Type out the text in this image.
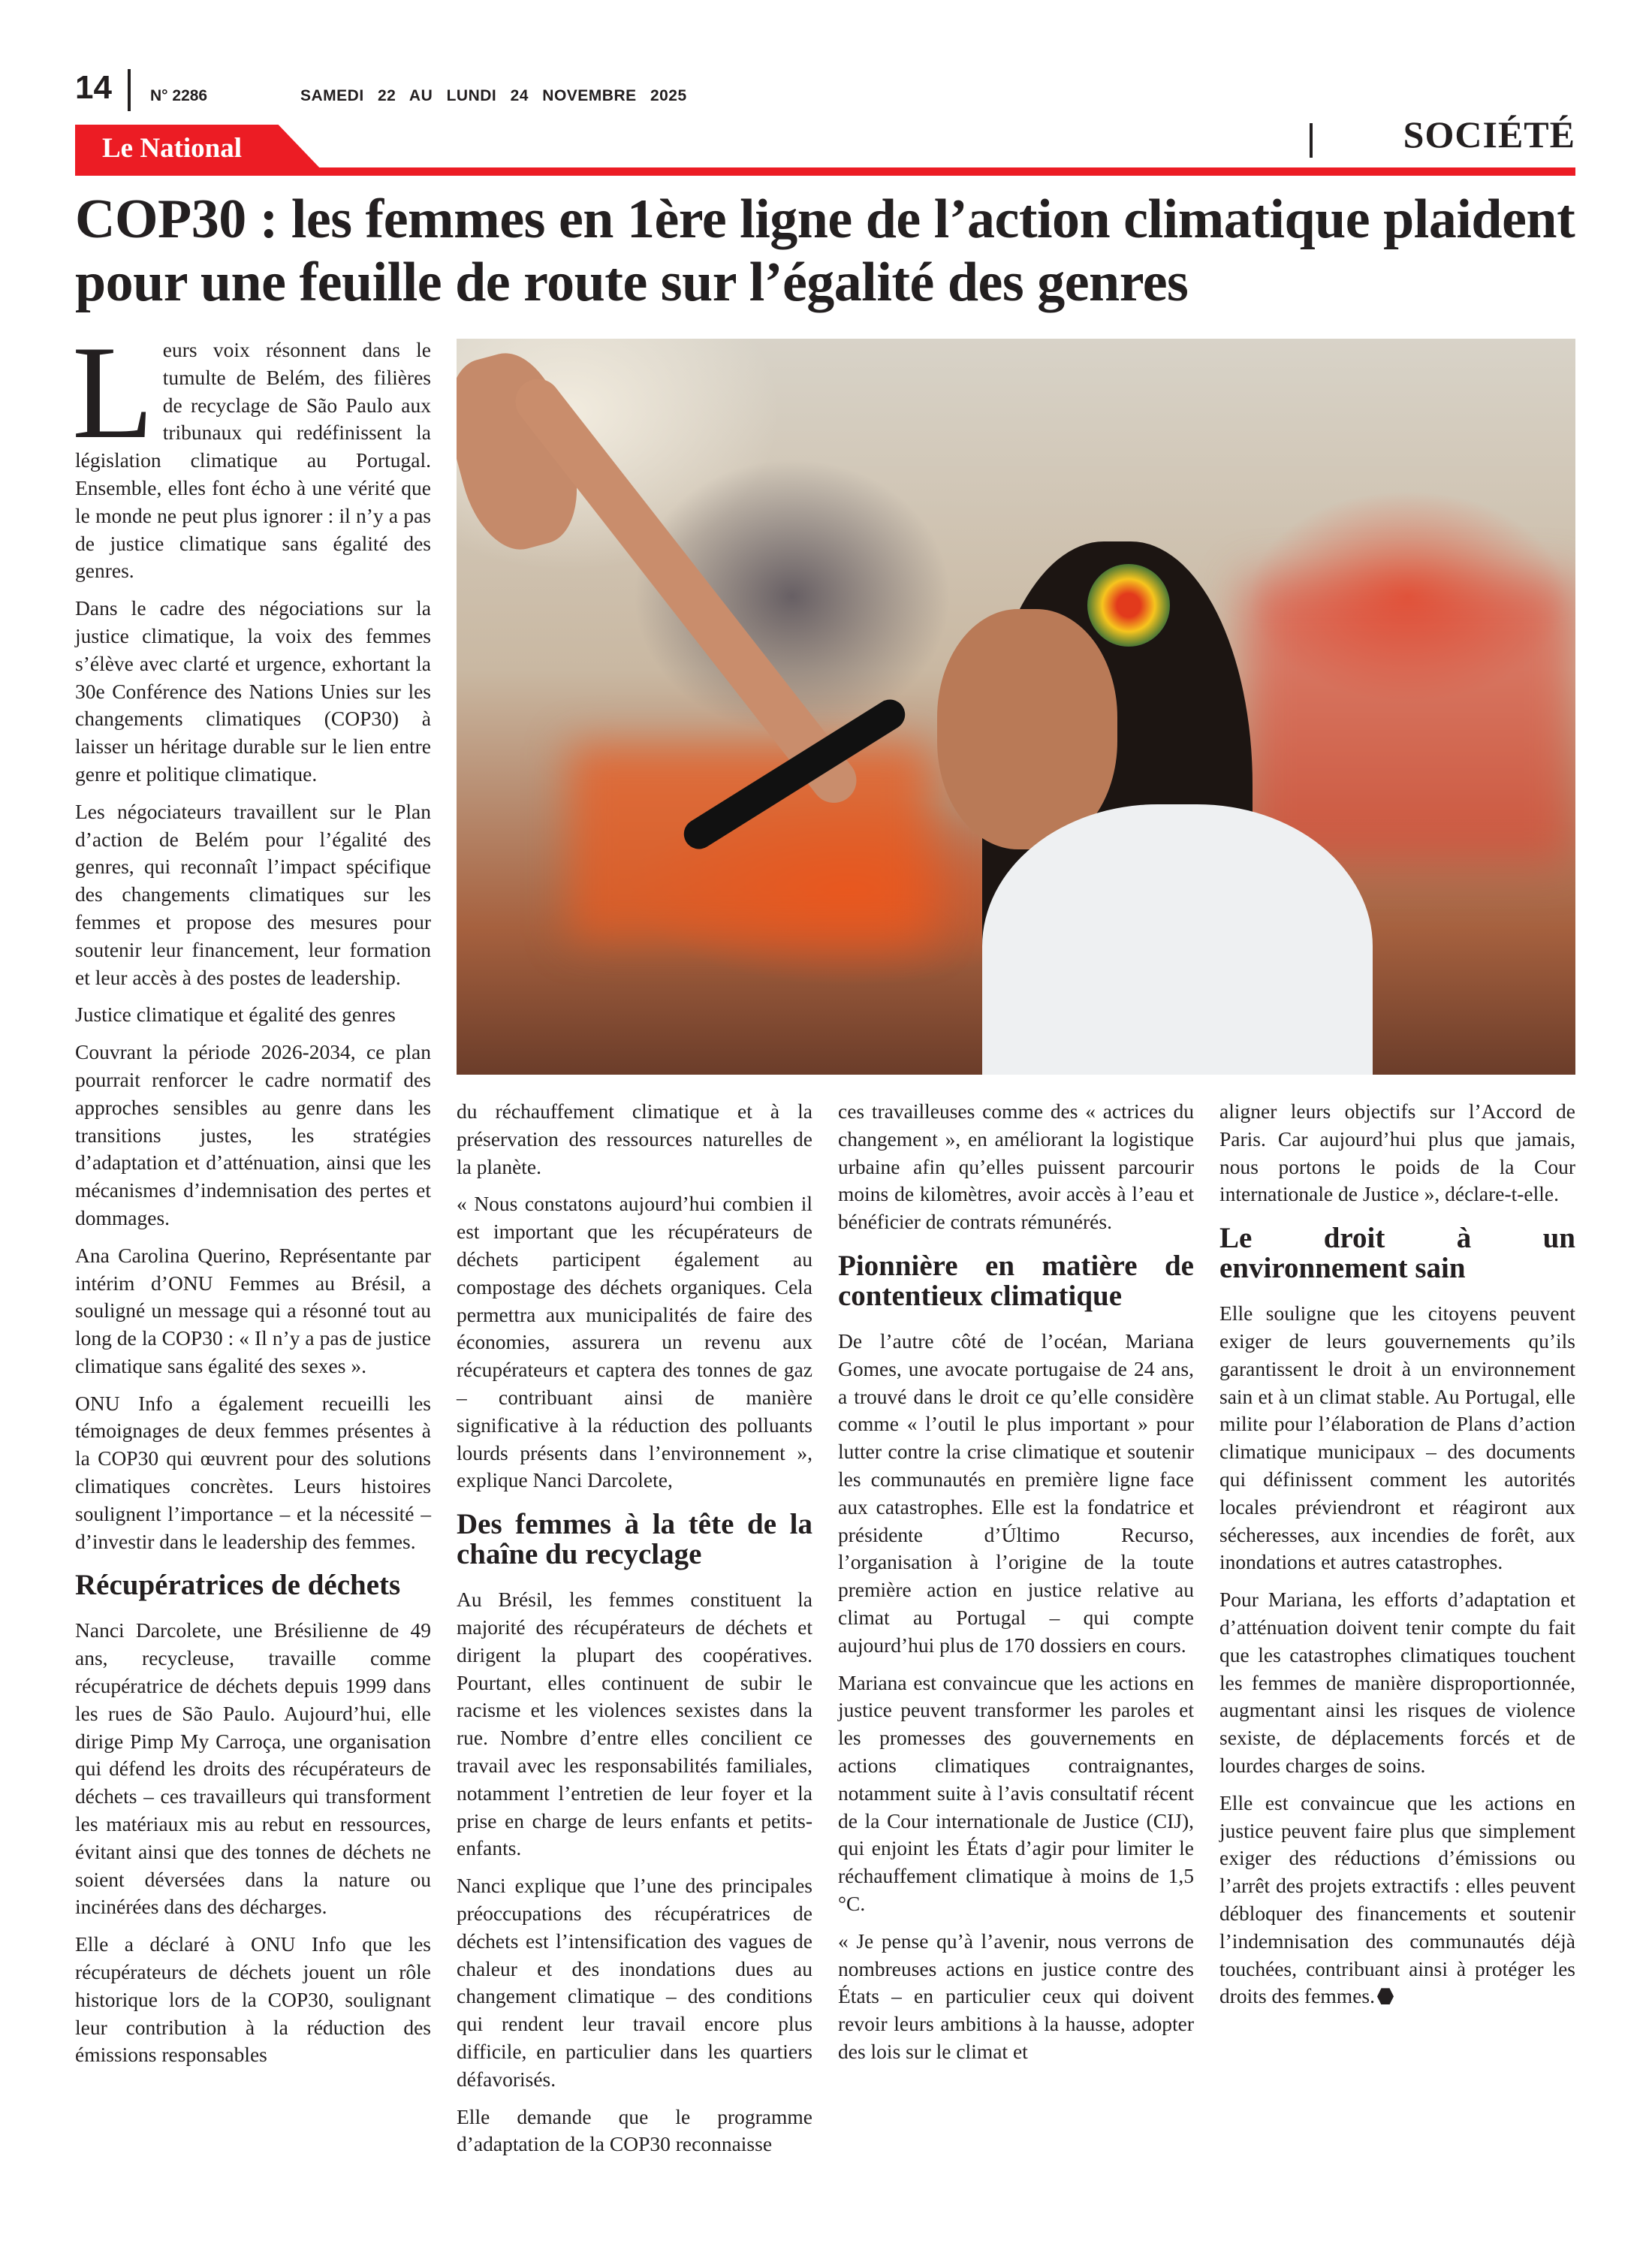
14 N° 2286	SAMEDI 22 AU LUNDI 24 NOVEMBRE 2025
Le National	SOCIÉTÉ
COP30 : les femmes en 1ère ligne de l’action climatique plaident pour une feuille de route sur l’égalité des genres

Leurs voix résonnent dans le tumulte de Belém, des filières de recyclage de São Paulo aux tribunaux qui redéfinissent la législation climatique au Portugal. Ensemble, elles font écho à une vérité que le monde ne peut plus ignorer : il n’y a pas de justice climatique sans égalité des genres.

Dans le cadre des négociations sur la justice climatique, la voix des femmes s’élève avec clarté et urgence, exhortant la 30e Conférence des Nations Unies sur les changements climatiques (COP30) à laisser un héritage durable sur le lien entre genre et politique climatique.

Les négociateurs travaillent sur le Plan d’action de Belém pour l’égalité des genres, qui reconnaît l’impact spécifique des changements climatiques sur les femmes et propose des mesures pour soutenir leur financement, leur formation et leur accès à des postes de leadership.

Justice climatique et égalité des genres

Couvrant la période 2026-2034, ce plan pourrait renforcer le cadre normatif des approches sensibles au genre dans les transitions justes, les stratégies d’adaptation et d’atténuation, ainsi que les mécanismes d’indemnisation des pertes et dommages.

Ana Carolina Querino, Représentante par intérim d’ONU Femmes au Brésil, a souligné un message qui a résonné tout au long de la COP30 : « Il n’y a pas de justice climatique sans égalité des sexes ».

ONU Info a également recueilli les témoignages de deux femmes présentes à la COP30 qui œuvrent pour des solutions climatiques concrètes. Leurs histoires soulignent l’importance – et la nécessité – d’investir dans le leadership des femmes.

Récupératrices de déchets

Nanci Darcolete, une Brésilienne de 49 ans, recycleuse, travaille comme récupératrice de déchets depuis 1999 dans les rues de São Paulo. Aujourd’hui, elle dirige Pimp My Carroça, une organisation qui défend les droits des récupérateurs de déchets – ces travailleurs qui transforment les matériaux mis au rebut en ressources, évitant ainsi que des tonnes de déchets ne soient déversées dans la nature ou incinérées dans des décharges.

Elle a déclaré à ONU Info que les récupérateurs de déchets jouent un rôle historique lors de la COP30, soulignant leur contribution à la réduction des émissions responsables

du réchauffement climatique et à la préservation des ressources naturelles de la planète.

« Nous constatons aujourd’hui combien il est important que les récupérateurs de déchets participent également au compostage des déchets organiques. Cela permettra aux municipalités de faire des économies, assurera un revenu aux récupérateurs et captera des tonnes de gaz – contribuant ainsi de manière significative à la réduction des polluants lourds présents dans l’environnement », explique Nanci Darcolete,

Des femmes à la tête de la chaîne du recyclage

Au Brésil, les femmes constituent la majorité des récupérateurs de déchets et dirigent la plupart des coopératives. Pourtant, elles continuent de subir le racisme et les violences sexistes dans la rue. Nombre d’entre elles concilient ce travail avec les responsabilités familiales, notamment l’entretien de leur foyer et la prise en charge de leurs enfants et petits-enfants.

Nanci explique que l’une des principales préoccupations des récupératrices de déchets est l’intensification des vagues de chaleur et des inondations dues au changement climatique – des conditions qui rendent leur travail encore plus difficile, en particulier dans les quartiers défavorisés.

Elle demande que le programme d’adaptation de la COP30 reconnaisse

ces travailleuses comme des « actrices du changement », en améliorant la logistique urbaine afin qu’elles puissent parcourir moins de kilomètres, avoir accès à l’eau et bénéficier de contrats rémunérés.

Pionnière en matière de contentieux climatique

De l’autre côté de l’océan, Mariana Gomes, une avocate portugaise de 24 ans, a trouvé dans le droit ce qu’elle considère comme « l’outil le plus important » pour lutter contre la crise climatique et soutenir les communautés en première ligne face aux catastrophes. Elle est la fondatrice et présidente d’Último Recurso, l’organisation à l’origine de la toute première action en justice relative au climat au Portugal – qui compte aujourd’hui plus de 170 dossiers en cours.

Mariana est convaincue que les actions en justice peuvent transformer les paroles et les promesses des gouvernements en actions climatiques contraignantes, notamment suite à l’avis consultatif récent de la Cour internationale de Justice (CIJ), qui enjoint les États d’agir pour limiter le réchauffement climatique à moins de 1,5 °C.

« Je pense qu’à l’avenir, nous verrons de nombreuses actions en justice contre des États – en particulier ceux qui doivent revoir leurs ambitions à la hausse, adopter des lois sur le climat et

aligner leurs objectifs sur l’Accord de Paris. Car aujourd’hui plus que jamais, nous portons le poids de la Cour internationale de Justice », déclare-t-elle.

Le droit à un environnement sain

Elle souligne que les citoyens peuvent exiger de leurs gouvernements qu’ils garantissent le droit à un environnement sain et à un climat stable. Au Portugal, elle milite pour l’élaboration de Plans d’action climatique municipaux – des documents qui définissent comment les autorités locales préviendront et réagiront aux sécheresses, aux incendies de forêt, aux inondations et autres catastrophes.

Pour Mariana, les efforts d’adaptation et d’atténuation doivent tenir compte du fait que les catastrophes climatiques touchent les femmes de manière disproportionnée, augmentant ainsi les risques de violence sexiste, de déplacements forcés et de lourdes charges de soins.

Elle est convaincue que les actions en justice peuvent faire plus que simplement exiger des réductions d’émissions ou l’arrêt des projets extractifs : elles peuvent débloquer des financements et soutenir l’indemnisation des communautés déjà touchées, contribuant ainsi à protéger les droits des femmes.
